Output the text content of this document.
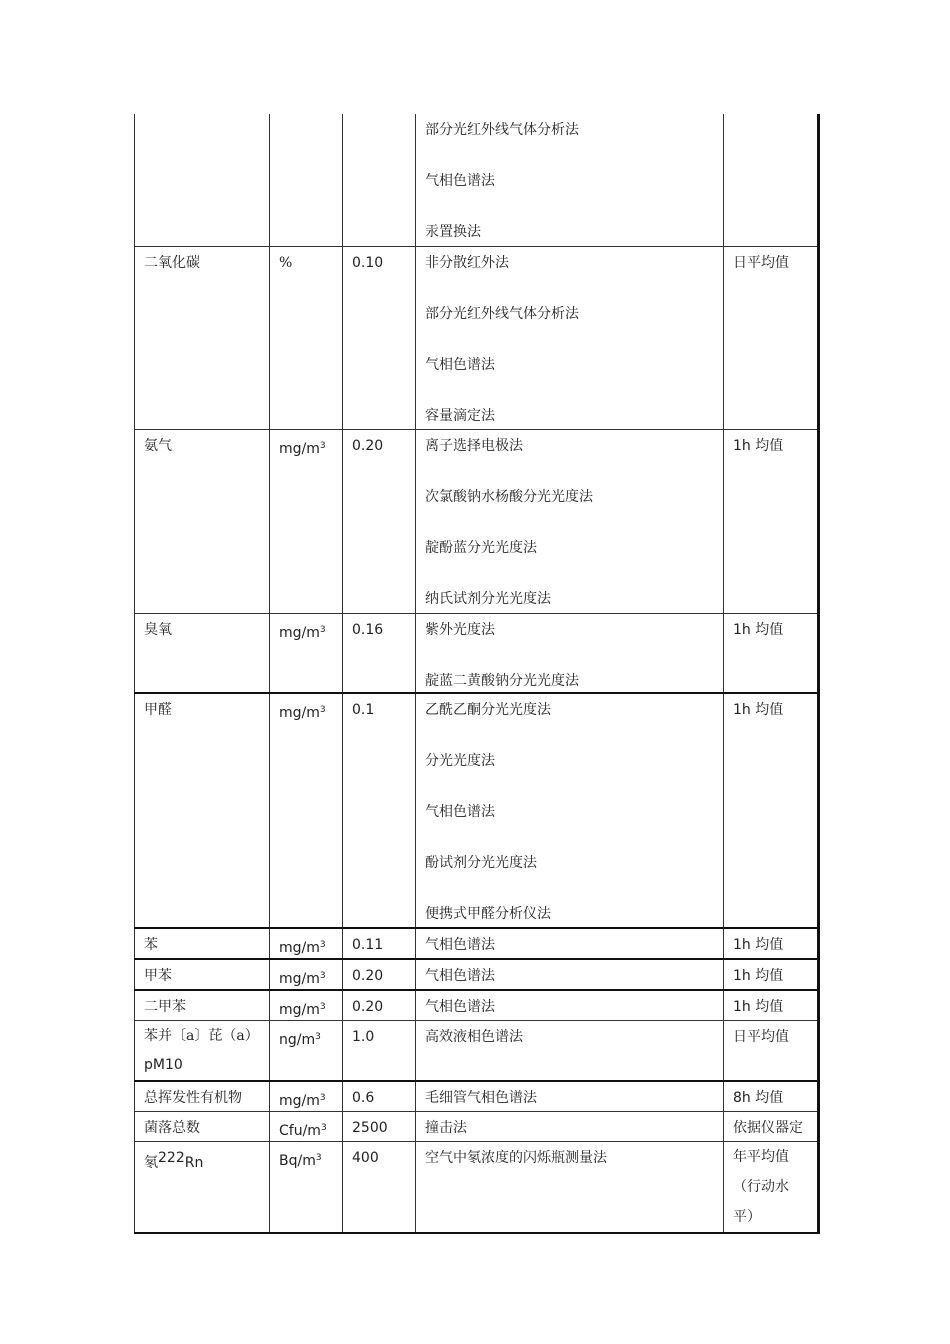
			部分光红外线气体分析法
气相色谱法
汞置换法	

二氧化碳	%	0.10	非分散红外法
部分光红外线气体分析法
气相色谱法
容量滴定法	日平均值
氨气	$mg/m^3$	0.20	离子选择电极法
次氯酸钠水杨酸分光光度法
靛酚蓝分光光度法
纳氏试剂分光光度法	1h 均值
臭氧	$mg/m^3$	0.16	紫外光度法
靛蓝二黄酸钠分光光度法	1h 均值
甲醛	$mg/m^3$	0.1	乙酰乙酮分光光度法
分光光度法
气相色谱法
酚试剂分光光度法
便携式甲醛分析仪法	1h 均值
苯	$mg/m^3$	0.11	气相色谱法	1h 均值
甲苯	$mg/m^3$	0.20	气相色谱法	1h 均值
二甲苯	$mg/m^3$	0.20	气相色谱法	1h 均值

苯并〔a〕芘（a）
pM10	$ng/m^3$	1.0	高效液相色谱法	日平均值
总挥发性有机物	$mg/m^3$	0.6	毛细管气相色谱法	8h 均值
菌落总数	Cfu/$m^3$	2500	撞击法	依据仪器定
氡$^{222}$Rn	$Bq/m^3$	400	空气中氡浓度的闪烁瓶测量法	年平均值
（行动水
平）
